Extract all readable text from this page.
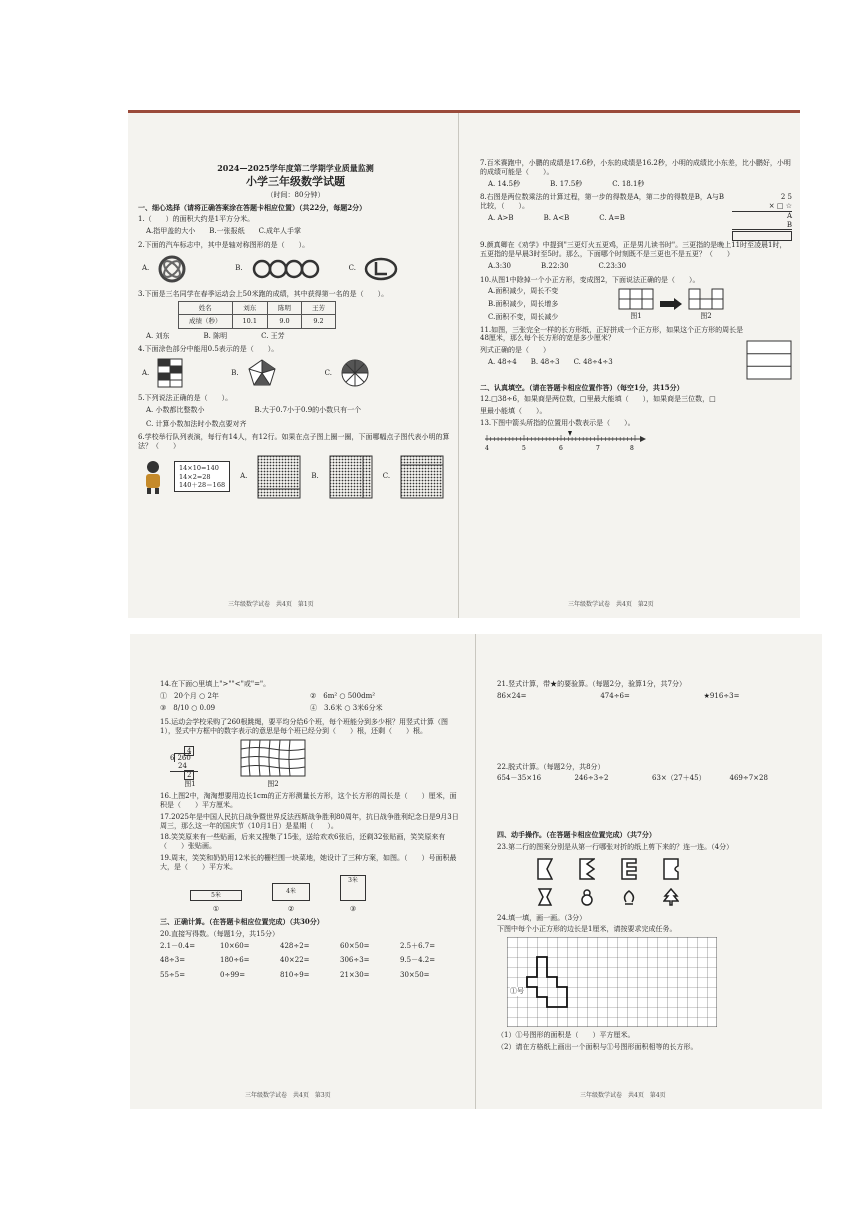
2024—2025学年度第二学期学业质量监测
小学三年级数学试题
（时间：80分钟）
一、细心选择（请将正确答案涂在答题卡相应位置）（共22分，每题2分）
1.（　　）的面积大约是1平方分米。
A.指甲盖的大小 B.一张报纸 C.成年人手掌
2.下面的汽车标志中，其中是轴对称图形的是（　　）。
A.	B.	C.
3.下面是三名同学在春季运动会上50米跑的成绩，其中获得第一名的是（　　）。
姓名	刘东	陈明	王芳
成绩（秒）	10.1	9.0	9.2
A. 刘东	B. 陈明	C. 王芳
4.下面涂色部分中能用0.5表示的是（　　）。
A.	B.	C.
5.下列说法正确的是（　　）。
A. 小数都比整数小	B.大于0.7小于0.9的小数只有一个
C. 计算小数加法时小数点要对齐
6.学校举行队列表演，每行有14人，有12行。如果在点子图上圈一圈，下面哪幅点子图代表小明的算法？（　　）
14×10=140
14×2=28
140＋28＝168
A.	B.	C.
三年级数学试卷　共4页　第1页
7.百米赛跑中，小鹏的成绩是17.6秒，小东的成绩是16.2秒，小明的成绩比小东差，比小鹏好，小明的成绩可能是（　　）。
A. 14.5秒	B. 17.5秒	C. 18.1秒
8.右图是两位数乘法的计算过程，第一步的得数是A，第二步的得数是B，A与B比较，（　　）。
A. A>B	B. A<B	C. A=B
2 5
× □ ☆
A
B
9.颜真卿在《劝学》中提到"三更灯火五更鸡，正是男儿读书时"。三更指的是晚上11时至凌晨1时，五更指的是早晨3时至5时。那么，下面哪个时刻既不是三更也不是五更？（　　）
A.3:30	B.22:30	C.23:30
10.从图1中除掉一个小正方形，变成图2，下面说法正确的是（　　）。
A.面积减少，周长不变
B.面积减少，周长增多
C.面积不变，周长减少	图1	图2
11.如图，三张完全一样的长方形纸，正好拼成一个正方形，如果这个正方形的周长是48厘米，那么每个长方形的宽是多少厘米？
列式正确的是（　　）
A. 48÷4 B. 48÷3 C. 48÷4÷3
二、认真填空。（请在答题卡相应位置作答）（每空1分，共15分）
12.□38÷6，如果商是两位数，□里最大能填（　　），如果商是三位数，□
里最小能填（　　）。
13.下图中箭头所指的位置用小数表示是（　　）。
4	5	6	7	8
三年级数学试卷　共4页　第2页
14.在下面○里填上">""<"或"="。
①　20个月 ○ 2年	②　6m² ○ 500dm²
③　8/10 ○ 0.09	④　3.6米 ○ 3米6分米
15.运动会学校采购了260根跳绳，要平均分给6个班，每个班能分到多少根？用竖式计算（图1），竖式中方框中的数字表示的意思是每个班已经分到（　　）根，还剩（　　）根。
4
6 260
24
2
图1	图2
16.上图2中，淘淘想要用边长1cm的正方形测量长方形，这个长方形的周长是（　　）厘米，面积是（　　）平方厘米。
17.2025年是中国人民抗日战争暨世界反法西斯战争胜利80周年，抗日战争胜利纪念日是9月3日周三，那么这一年的国庆节（10月1日）是星期（　　）。
18.笑笑原来有一些贴画，后来又搜集了15张，送给欢欢6张后，还剩32张贴画，笑笑原来有（　　）张贴画。
19.周末，笑笑和奶奶用12米长的栅栏围一块菜地，她设计了三种方案，如图。（　　）号面积最大，是（　　）平方米。
5米
①
4米
②
3米
③
三、正确计算。（在答题卡相应位置完成）（共30分）
20.直接写得数。（每题1分，共15分）
2.1－0.4=	10×60=	428÷2=	60×50=	2.5＋6.7=
48÷3=	180÷6=	40×22=	306÷3=	9.5－4.2=
55÷5=	0÷99=	810÷9=	21×30=	30×50=
三年级数学试卷　共4页　第3页
21.竖式计算，带★的要验算。（每题2分，验算1分，共7分）
86×24=	474÷6=	★916÷3=
22.脱式计算。（每题2分，共8分）
654－35×16	246÷3÷2	63×（27＋45）	469÷7×28
四、动手操作。（在答题卡相应位置完成）（共7分）
23.第二行的图案分别是从第一行哪张对折的纸上剪下来的？连一连。（4分）
24.填一填，画一画。（3分）
下图中每个小正方形的边长是1厘米，请按要求完成任务。
①号
（1）①号图形的面积是（　　）平方厘米。
（2）请在方格纸上画出一个面积与①号图形面积相等的长方形。
三年级数学试卷　共4页　第4页
